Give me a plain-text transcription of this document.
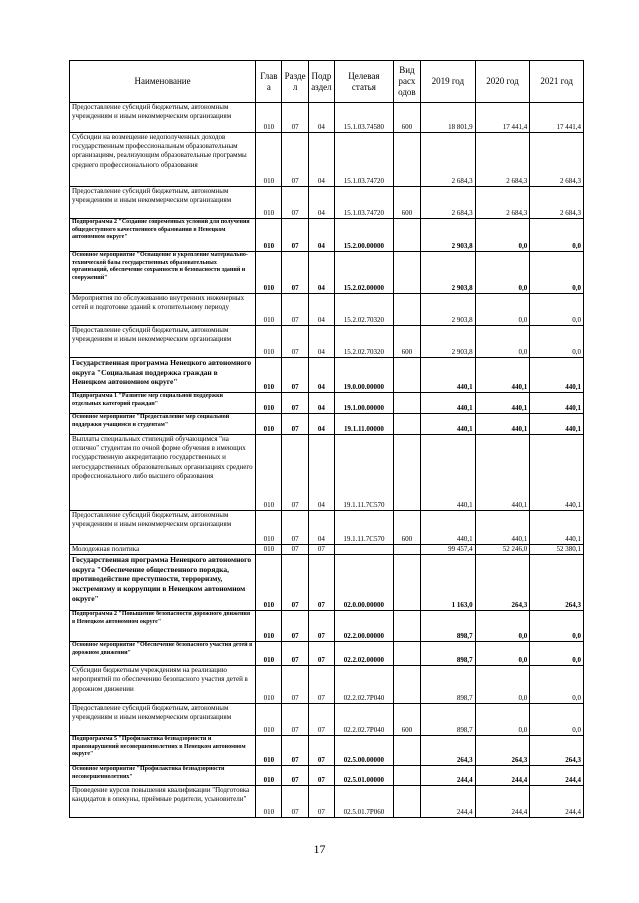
Наименование	Глав а	Разде л	Подр аздел	Целевая статья	Вид расх одов	2019 год	2020 год	2021 год
Предоставление субсидий бюджетным, автономным учреждениям и иным некоммерческим организациям	010	07	04	15.1.03.74580	600	18 801,9	17 441,4	17 441,4
Субсидии на возмещение недополученных доходов государственным профессиональным образовательным организациям, реализующим образовательные программы среднего профессионального образования	010	07	04	15.1.03.74720		2 684,3	2 684,3	2 684,3
Предоставление субсидий бюджетным, автономным учреждениям и иным некоммерческим организациям	010	07	04	15.1.03.74720	600	2 684,3	2 684,3	2 684,3
Подпрограмма 2 "Создание современных условий для получения общедоступного качественного образования в Ненецком автономном округе"	010	07	04	15.2.00.00000		2 903,8	0,0	0,0
Основное мероприятие "Оснащение и укрепление материально-технической базы государственных образовательных организаций, обеспечение сохранности и безопасности зданий и сооружений"	010	07	04	15.2.02.00000		2 903,8	0,0	0,0
Мероприятия по обслуживанию внутренних инженерных сетей и подготовке зданий к отопительному периоду	010	07	04	15.2.02.70320		2 903,8	0,0	0,0
Предоставление субсидий бюджетным, автономным учреждениям и иным некоммерческим организациям	010	07	04	15.2.02.70320	600	2 903,8	0,0	0,0
Государственная программа Ненецкого автономного округа "Социальная поддержка граждан в Ненецком автономном округе"	010	07	04	19.0.00.00000		440,1	440,1	440,1
Подпрограмма 1 "Развитие мер социальной поддержки отдельных категорий граждан"	010	07	04	19.1.00.00000		440,1	440,1	440,1
Основное мероприятие "Предоставление мер социальной поддержки учащимся и студентам"	010	07	04	19.1.11.00000		440,1	440,1	440,1
Выплаты специальных стипендий обучающимся "на отлично" студентам по очной форме обучения в имеющих государственную аккредитацию государственных и негосударственных образовательных организациях среднего профессионального либо высшего образования	010	07	04	19.1.11.7С570		440,1	440,1	440,1
Предоставление субсидий бюджетным, автономным учреждениям и иным некоммерческим организациям	010	07	04	19.1.11.7С570	600	440,1	440,1	440,1
Молодежная политика	010	07	07			99 457,4	52 246,0	52 380,1
Государственная программа Ненецкого автономного округа "Обеспечение общественного порядка, противодействие преступности, терроризму, экстремизму и коррупции в Ненецком автономном округе"	010	07	07	02.0.00.00000		1 163,0	264,3	264,3
Подпрограмма 2 "Повышение безопасности дорожного движения в Ненецком автономном округе"	010	07	07	02.2.00.00000		898,7	0,0	0,0
Основное мероприятие "Обеспечение безопасного участия детей в дорожном движении"	010	07	07	02.2.02.00000		898,7	0,0	0,0
Субсидии бюджетным учреждениям на реализацию мероприятий по обеспечению безопасного участия детей в дорожном движении	010	07	07	02.2.02.7Р040		898,7	0,0	0,0
Предоставление субсидий бюджетным, автономным учреждениям и иным некоммерческим организациям	010	07	07	02.2.02.7Р040	600	898,7	0,0	0,0
Подпрограмма 5 "Профилактика безнадзорности и правонарушений несовершеннолетних в Ненецком автономном округе"	010	07	07	02.5.00.00000		264,3	264,3	264,3
Основное мероприятие "Профилактика безнадзорности несовершеннолетних"	010	07	07	02.5.01.00000		244,4	244,4	244,4
Проведение курсов повышения квалификации "Подготовка кандидатов в опекуны, приёмные родители, усыновители"	010	07	07	02.5.01.7Р060		244,4	244,4	244,4
17
